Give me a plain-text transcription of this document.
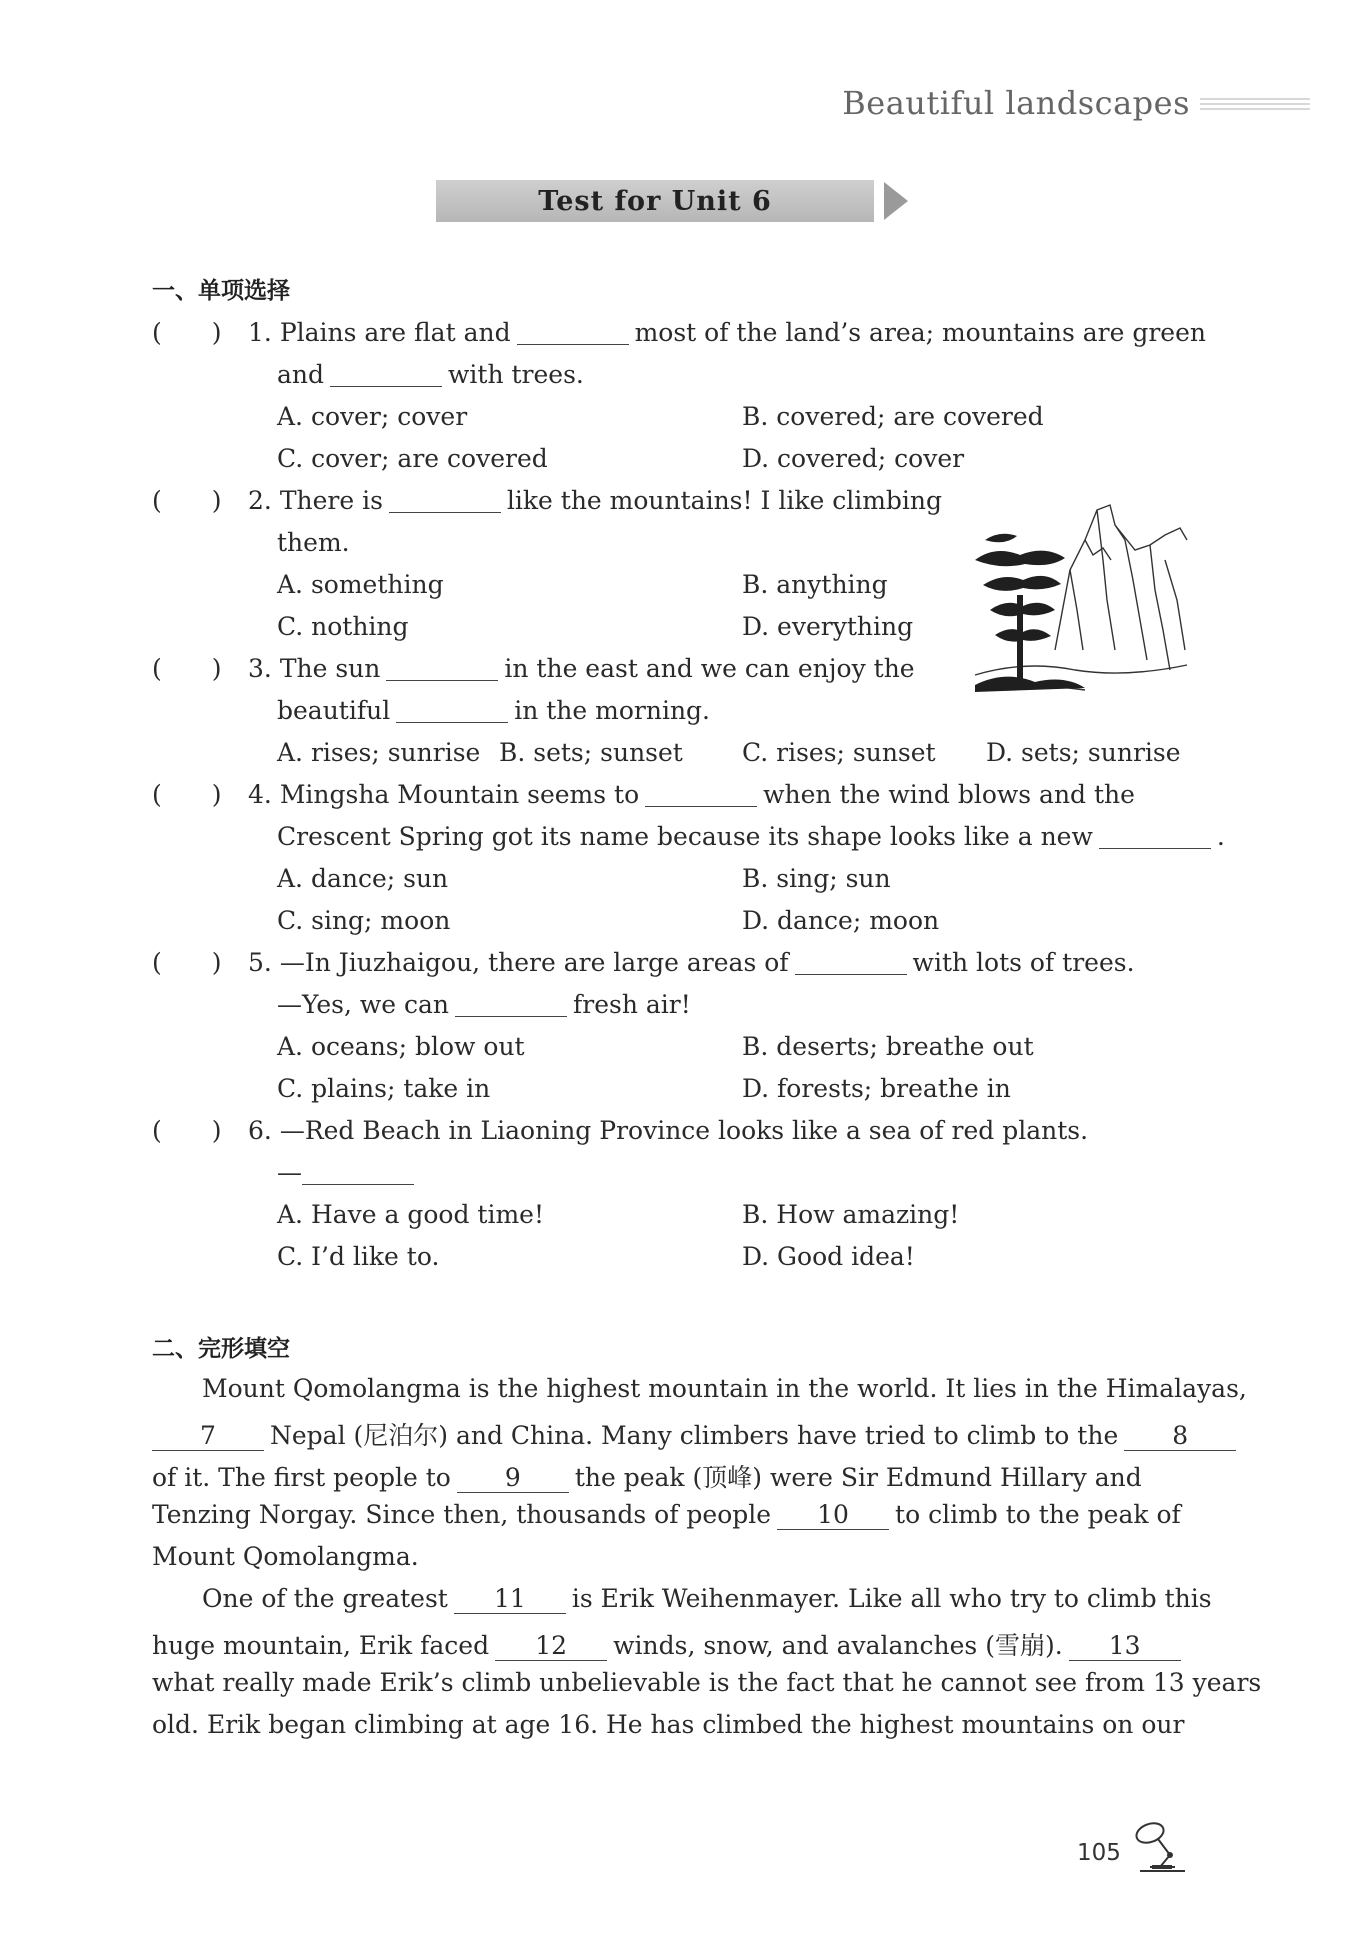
Beautiful landscapes
Test for Unit 6
一、单项选择
( ) 1. Plains are flat and	most of the land’s area; mountains are green
and	with trees.
A. cover; cover	B. covered; are covered
C. cover; are covered	D. covered; cover
( ) 2. There is	like the mountains! I like climbing
them.
A. something	B. anything
C. nothing	D. everything
( ) 3. The sun	in the east and we can enjoy the
beautiful	in the morning.
A. rises; sunrise B. sets; sunset C. rises; sunset D. sets; sunrise
( ) 4. Mingsha Mountain seems to	when the wind blows and the
Crescent Spring got its name because its shape looks like a new	.
A. dance; sun	B. sing; sun
C. sing; moon	D. dance; moon
( ) 5. —In Jiuzhaigou, there are large areas of	with lots of trees.
—Yes, we can	fresh air!
A. oceans; blow out	B. deserts; breathe out
C. plains; take in	D. forests; breathe in
( ) 6. —Red Beach in Liaoning Province looks like a sea of red plants.
—
A. Have a good time!	B. How amazing!
C. I’d like to.	D. Good idea!
二、完形填空
Mount Qomolangma is the highest mountain in the world. It lies in the Himalayas,
7 Nepal (尼泊尔) and China. Many climbers have tried to climb to the 8
of it. The first people to 9 the peak (顶峰) were Sir Edmund Hillary and
Tenzing Norgay. Since then, thousands of people 10 to climb to the peak of
Mount Qomolangma.
One of the greatest 11 is Erik Weihenmayer. Like all who try to climb this
huge mountain, Erik faced 12 winds, snow, and avalanches (雪崩). 13
what really made Erik’s climb unbelievable is the fact that he cannot see from 13 years
old. Erik began climbing at age 16. He has climbed the highest mountains on our
105
